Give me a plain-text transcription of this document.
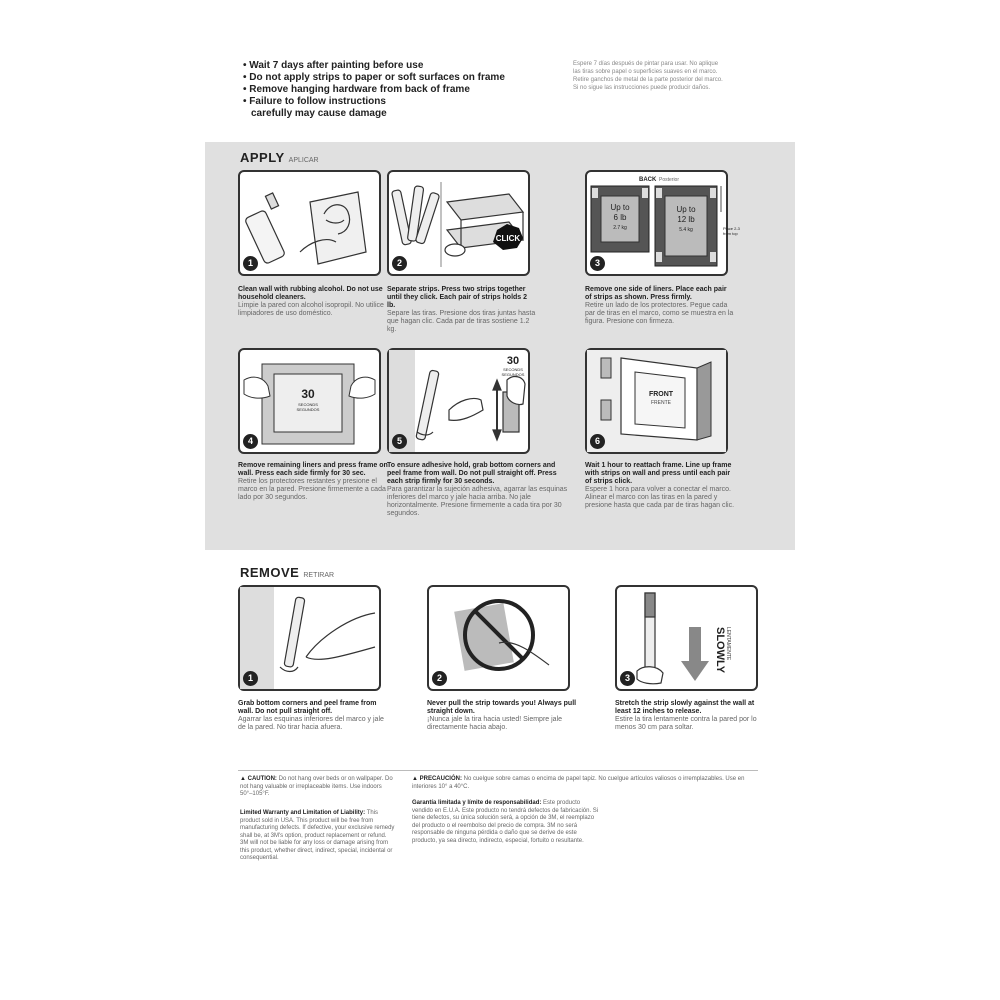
• Wait 7 days after painting before use
• Do not apply strips to paper or soft surfaces on frame
• Remove hanging hardware from back of frame
• Failure to follow instructions
carefully may cause damage
Espere 7 días después de pintar para usar. No aplique
las tiras sobre papel o superficies suaves en el marco.
Retire ganchos de metal de la parte posterior del marco.
Si no sigue las instrucciones puede producir daños.
APPLY APLICAR
1
CLICK
2
BACK Posterior
Up to
6 lb
2.7 kg
Up to
12 lb
5.4 kg	Place 2-3 from top
3
Clean wall with rubbing alcohol. Do not use household cleaners.
Limpie la pared con alcohol isopropil. No utilice limpiadores de uso doméstico.
Separate strips. Press two strips together until they click. Each pair of strips holds 2 lb.
Separe las tiras. Presione dos tiras juntas hasta que hagan clic. Cada par de tiras sostiene 1.2 kg.
Remove one side of liners. Place each pair of strips as shown. Press firmly.
Retire un lado de los protectores. Pegue cada par de tiras en el marco, como se muestra en la figura. Presione con firmeza.
30
SECONDS
SEGUNDOS
4
30
SECONDS
SEGUNDOS
5
FRONT
FRENTE
6
Remove remaining liners and press frame on wall. Press each side firmly for 30 sec.
Retire los protectores restantes y presione el marco en la pared. Presione firmemente a cada lado por 30 segundos.
To ensure adhesive hold, grab bottom corners and peel frame from wall. Do not pull straight off. Press each strip firmly for 30 seconds.
Para garantizar la sujeción adhesiva, agarrar las esquinas inferiores del marco y jale hacia arriba. No jale horizontalmente. Presione firmemente a cada tira por 30 segundos.
Wait 1 hour to reattach frame. Line up frame with strips on wall and press until each pair of strips click.
Espere 1 hora para volver a conectar el marco. Alinear el marco con las tiras en la pared y presione hasta que cada par de tiras hagan clic.
REMOVE RETIRAR
1	2
SLOWLY LENTAMENTE
3
Grab bottom corners and peel frame from wall. Do not pull straight off.
Agarrar las esquinas inferiores del marco y jale de la pared. No tirar hacia afuera.
Never pull the strip towards you! Always pull straight down.
¡Nunca jale la tira hacia usted! Siempre jale directamente hacia abajo.
Stretch the strip slowly against the wall at least 12 inches to release.
Estire la tira lentamente contra la pared por lo menos 30 cm para soltar.
▲ CAUTION: Do not hang over beds or on wallpaper. Do not hang valuable or irreplaceable items. Use indoors 50°–105°F.
Limited Warranty and Limitation of Liability: This product sold in USA. This product will be free from manufacturing defects. If defective, your exclusive remedy shall be, at 3M's option, product replacement or refund. 3M will not be liable for any loss or damage arising from this product, whether direct, indirect, special, incidental or consequential.
▲ PRECAUCIÓN: No cuelgue sobre camas o encima de papel tapiz. No cuelgue artículos valiosos o irremplazables. Use en interiores 10° a 40°C.
Garantía limitada y límite de responsabilidad: Este producto vendido en E.U.A. Este producto no tendrá defectos de fabricación. Si tiene defectos, su única solución será, a opción de 3M, el reemplazo del producto o el reembolso del precio de compra. 3M no será responsable de ninguna pérdida o daño que se derive de este producto, ya sea directo, indirecto, especial, fortuito o resultante.
